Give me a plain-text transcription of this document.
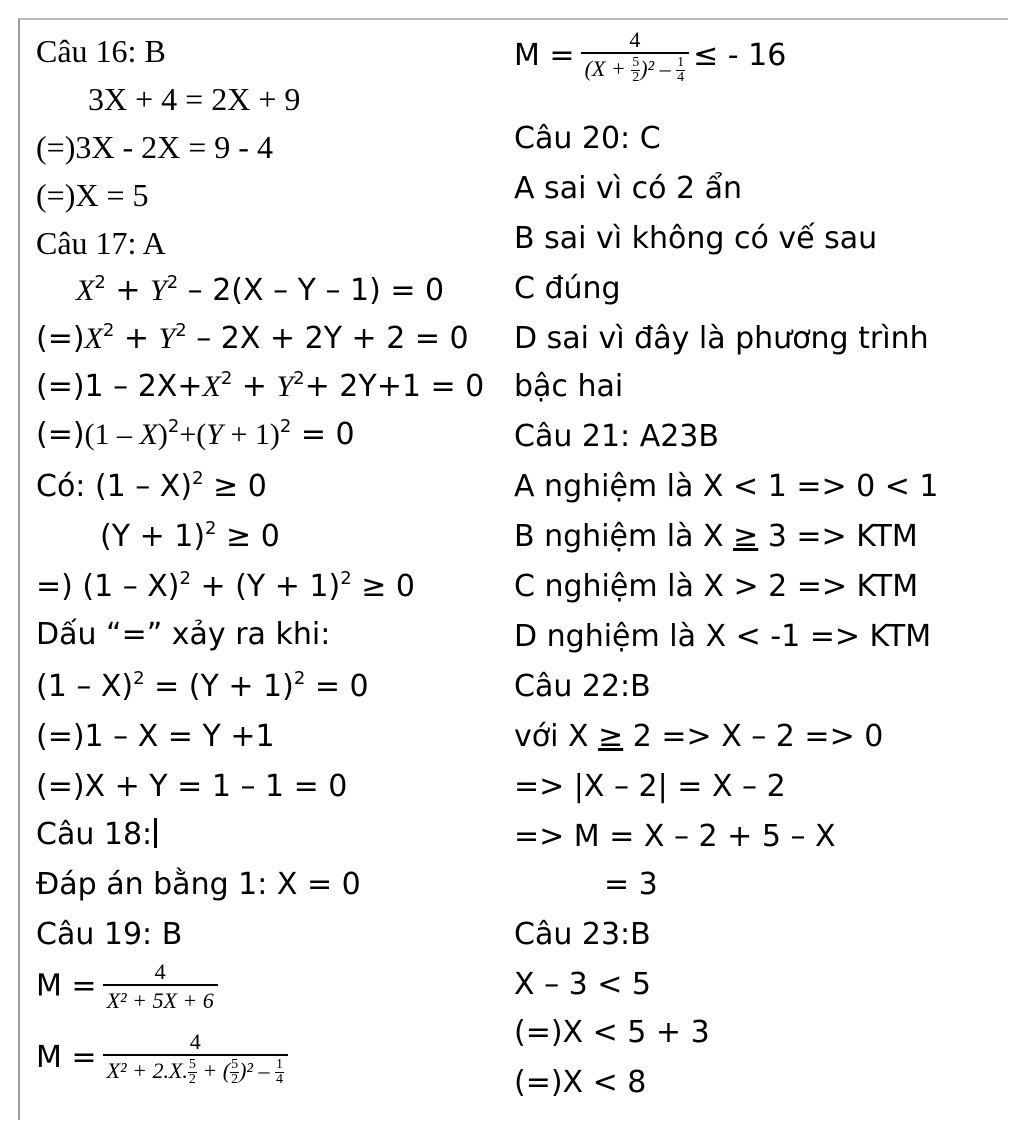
Câu 16: B
3X + 4 = 2X + 9
(=)3X - 2X = 9 - 4
(=)X = 5
Câu 17: A
$X^2 + Y^2 - 2(X - Y - 1) = 0$
$(=)X^2 + Y^2 - 2X + 2Y + 2 = 0$
$(=)1 - 2X+X^2 + Y^2+ 2Y+1 = 0$
$(=)(1 - X)^2+(Y + 1)^2 = 0$
Có: (1 – X)$^2$ ≥ 0
$(Y + 1)^2 \ge 0$
=) $(1 - X)^2 + (Y + 1)^2 \ge 0$
Dấu “=” xảy ra khi:
$(1 - X)^2 = (Y + 1)^2 = 0$
(=)1 – X = Y +1
(=)X + Y = 1 – 1 = 0
Câu 18:
Đáp án bằng 1: X = 0
Câu 19: B
$M = \frac{4}{\text{X² + 5X + 6}}$
$M = \frac{4}{X^2 + 2.X. \frac{5}{2} + ( \frac{5}{2} )^2 - \frac{1}{4}}$
$M = \frac{4}{(X + \frac{5}{2} )^2 - \frac{1}{4}}$ ≤ - 16
Câu 20: C
A sai vì có 2 ẩn
B sai vì không có vế sau
C đúng
D sai vì đây là phương trình
bậc hai
Câu 21: A23B
A nghiệm là X < 1 => 0 < 1
B nghiệm là X ≥ 3 => KTM
C nghiệm là X > 2 => KTM
D nghiệm là X < -1 => KTM
Câu 22:B
với X ≥ 2 => X – 2 => 0
=> |X – 2| = X – 2
=> M = X – 2 + 5 – X
= 3
Câu 23:B
X – 3 < 5
(=)X < 5 + 3
(=)X < 8
